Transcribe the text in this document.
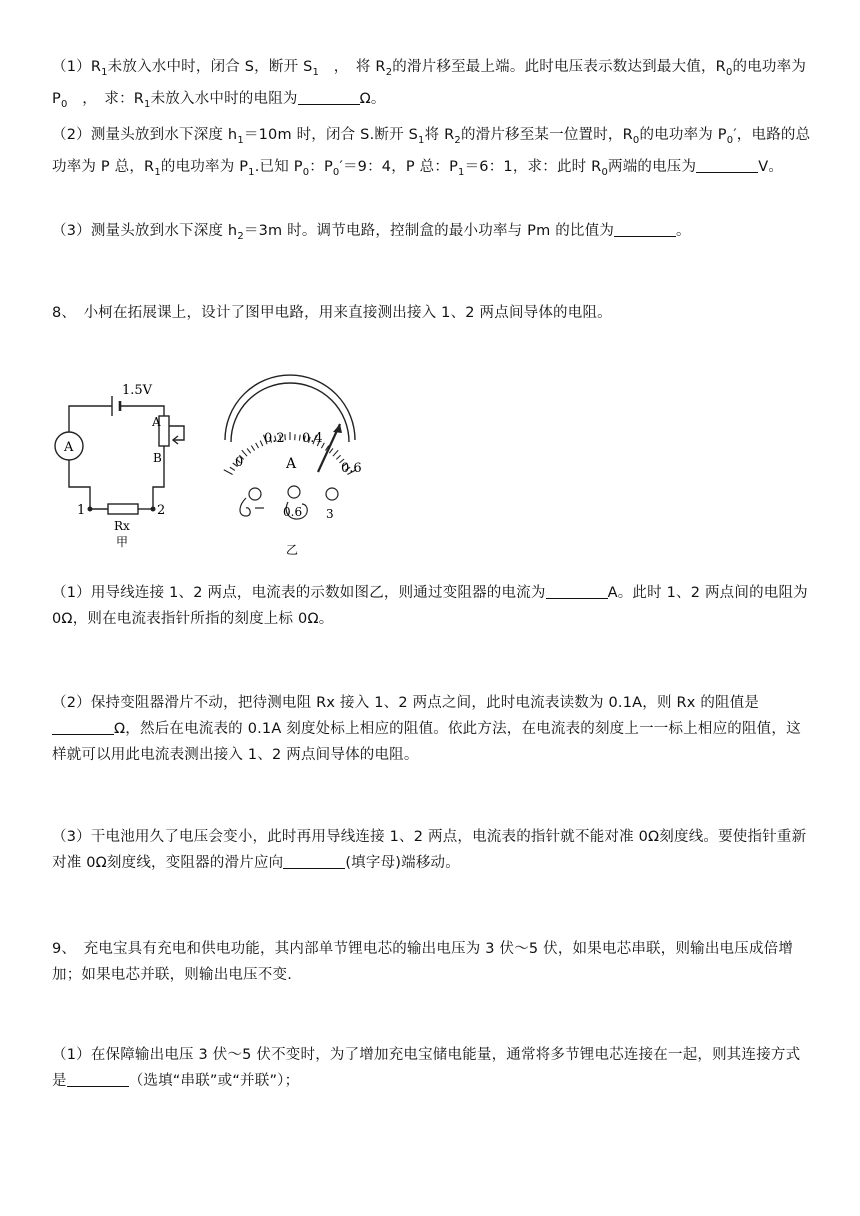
$(1)R_1$未放入水中时，闭合 S，断开 $S_1$　，　将 $R_2$的滑片移至最上端。此时电压表示数达到最大值，$R_0$的电功率为 $P_0$　，　求：$R_1$未放入水中时的电阻为	Ω。
（2）测量头放到水下深度 $h_1=10m$ 时，闭合 S.断开 $S_1$将 $R_2$的滑片移至某一位置时，$R_0$的电功率为 $P_0'$，电路的总功率为 P 总，$R_1$的电功率为 $P_1$.已知 $P_0$：$P_0'=9$：4，P 总：$P_1=6$：1，求：此时 $R_0$两端的电压为	V。
（3）测量头放到水下深度 $h_2=3m$ 时。调节电路，控制盒的最小功率与 Pm 的比值为	。
8、　小柯在拓展课上，设计了图甲电路，用来直接测出接入 1、2 两点间导体的电阻。
1.5V
A
A
B
1	2
Rx
甲
0
0.2 0.4
0.6
A
0.6 3
乙
（1）用导线连接 1、2 两点，电流表的示数如图乙，则通过变阻器的电流为	A。此时 1、2 两点间的电阻为 0Ω，则在电流表指针所指的刻度上标 0Ω。
（2）保持变阻器滑片不动，把待测电阻 Rx 接入 1、2 两点之间，此时电流表读数为 0.1A，则 Rx 的阻值是Ω，然后在电流表的 0.1A 刻度处标上相应的阻值。依此方法，在电流表的刻度上一一标上相应的阻值，这样就可以用此电流表测出接入 1、2 两点间导体的电阻。
（3）干电池用久了电压会变小，此时再用导线连接 1、2 两点，电流表的指针就不能对准 0Ω刻度线。要使指针重新对准 0Ω刻度线，变阻器的滑片应向	(填字母)端移动。
9、　充电宝具有充电和供电功能，其内部单节锂电芯的输出电压为 3 伏～5 伏，如果电芯串联，则输出电压成倍增加；如果电芯并联，则输出电压不变.
（1）在保障输出电压 3 伏～5 伏不变时，为了增加充电宝储电能量，通常将多节锂电芯连接在一起，则其连接方式是	（选填“串联”或“并联”）；
